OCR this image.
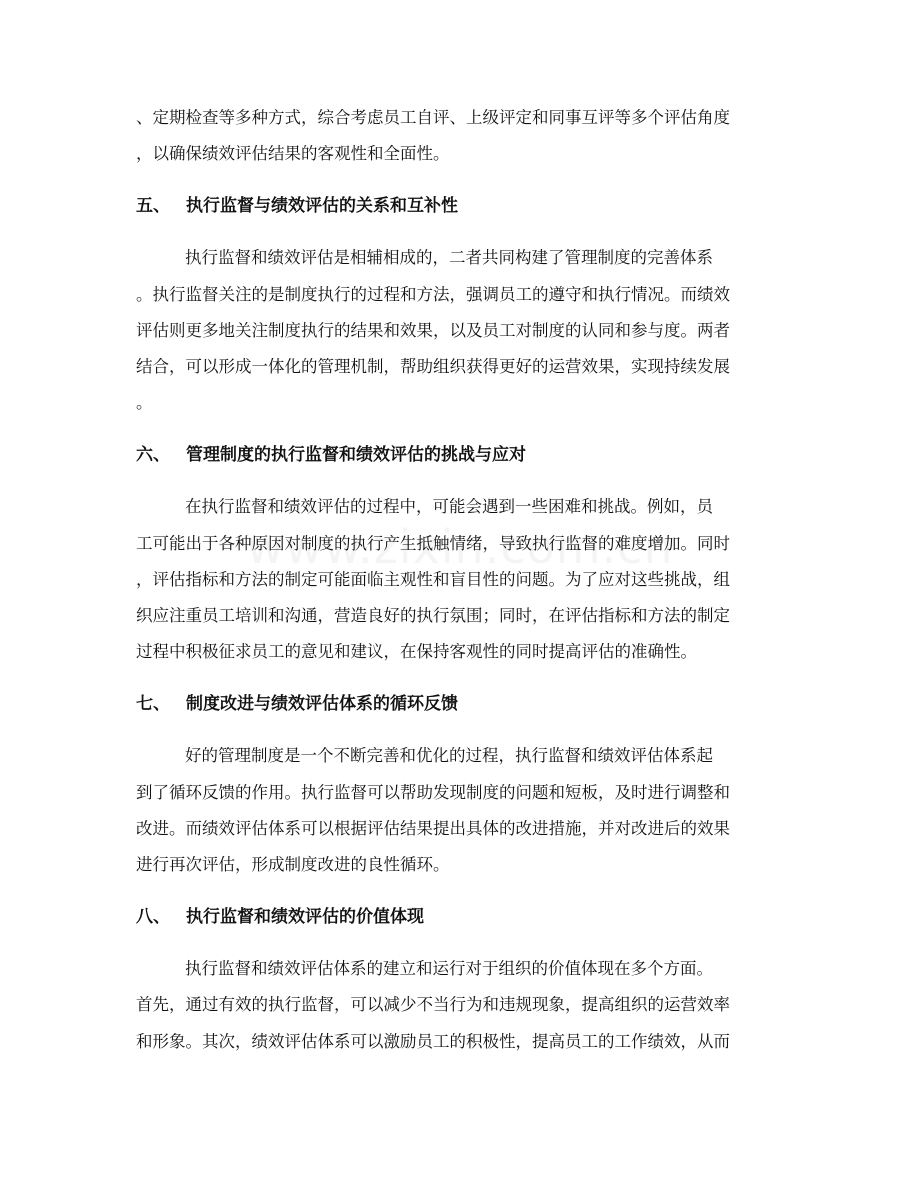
、定期检查等多种方式，综合考虑员工自评、上级评定和同事互评等多个评估角度

，以确保绩效评估结果的客观性和全面性。

五、 执行监督与绩效评估的关系和互补性

执行监督和绩效评估是相辅相成的，二者共同构建了管理制度的完善体系

。执行监督关注的是制度执行的过程和方法，强调员工的遵守和执行情况。而绩效

评估则更多地关注制度执行的结果和效果，以及员工对制度的认同和参与度。两者

结合，可以形成一体化的管理机制，帮助组织获得更好的运营效果，实现持续发展

。

六、 管理制度的执行监督和绩效评估的挑战与应对

在执行监督和绩效评估的过程中，可能会遇到一些困难和挑战。例如，员

工可能出于各种原因对制度的执行产生抵触情绪，导致执行监督的难度增加。同时

，评估指标和方法的制定可能面临主观性和盲目性的问题。为了应对这些挑战，组

织应注重员工培训和沟通，营造良好的执行氛围；同时，在评估指标和方法的制定

过程中积极征求员工的意见和建议，在保持客观性的同时提高评估的准确性。

七、 制度改进与绩效评估体系的循环反馈

好的管理制度是一个不断完善和优化的过程，执行监督和绩效评估体系起

到了循环反馈的作用。执行监督可以帮助发现制度的问题和短板，及时进行调整和

改进。而绩效评估体系可以根据评估结果提出具体的改进措施，并对改进后的效果

进行再次评估，形成制度改进的良性循环。

八、 执行监督和绩效评估的价值体现

执行监督和绩效评估体系的建立和运行对于组织的价值体现在多个方面。

首先，通过有效的执行监督，可以减少不当行为和违规现象，提高组织的运营效率

和形象。其次，绩效评估体系可以激励员工的积极性，提高员工的工作绩效，从而
